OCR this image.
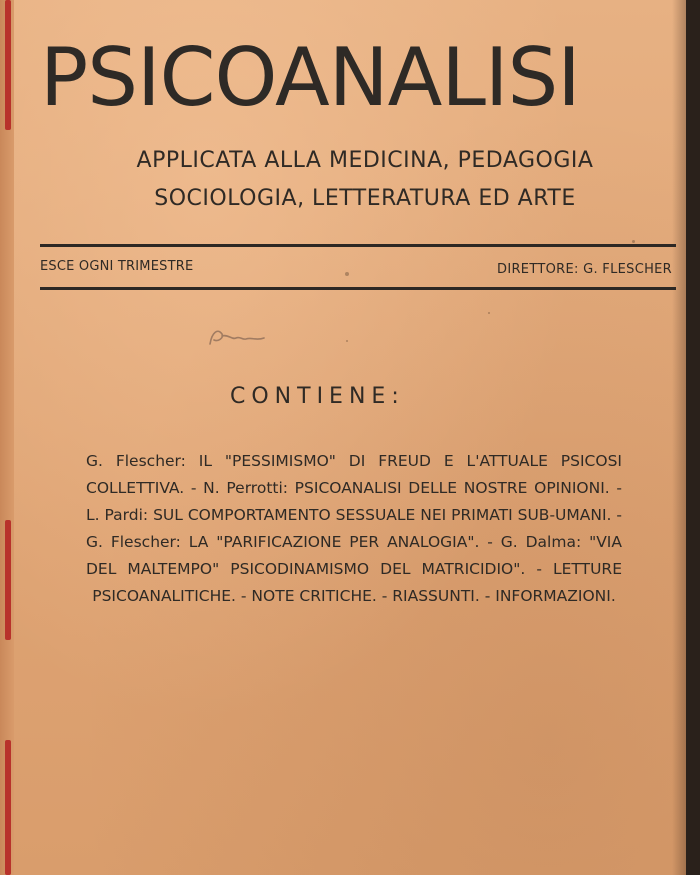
PSICOANALISI
APPLICATA ALLA MEDICINA, PEDAGOGIA
SOCIOLOGIA, LETTERATURA ED ARTE
ESCE OGNI TRIMESTRE	DIRETTORE: G. FLESCHER
CONTIENE:
G. Flescher: IL "PESSIMISMO" DI FREUD E L'ATTUALE PSICOSI COLLETTIVA. - N. Perrotti: PSICOANALISI DELLE NOSTRE OPINIONI. - L. Pardi: SUL COMPORTAMENTO SESSUALE NEI PRIMATI SUB-UMANI. - G. Flescher: LA "PARIFICAZIONE PER ANALOGIA". - G. Dalma: "VIA DEL MALTEMPO" PSICODINAMISMO DEL MATRICIDIO". - LETTURE PSICOANALITICHE. - NOTE CRITICHE. - RIASSUNTI. - INFORMAZIONI.
